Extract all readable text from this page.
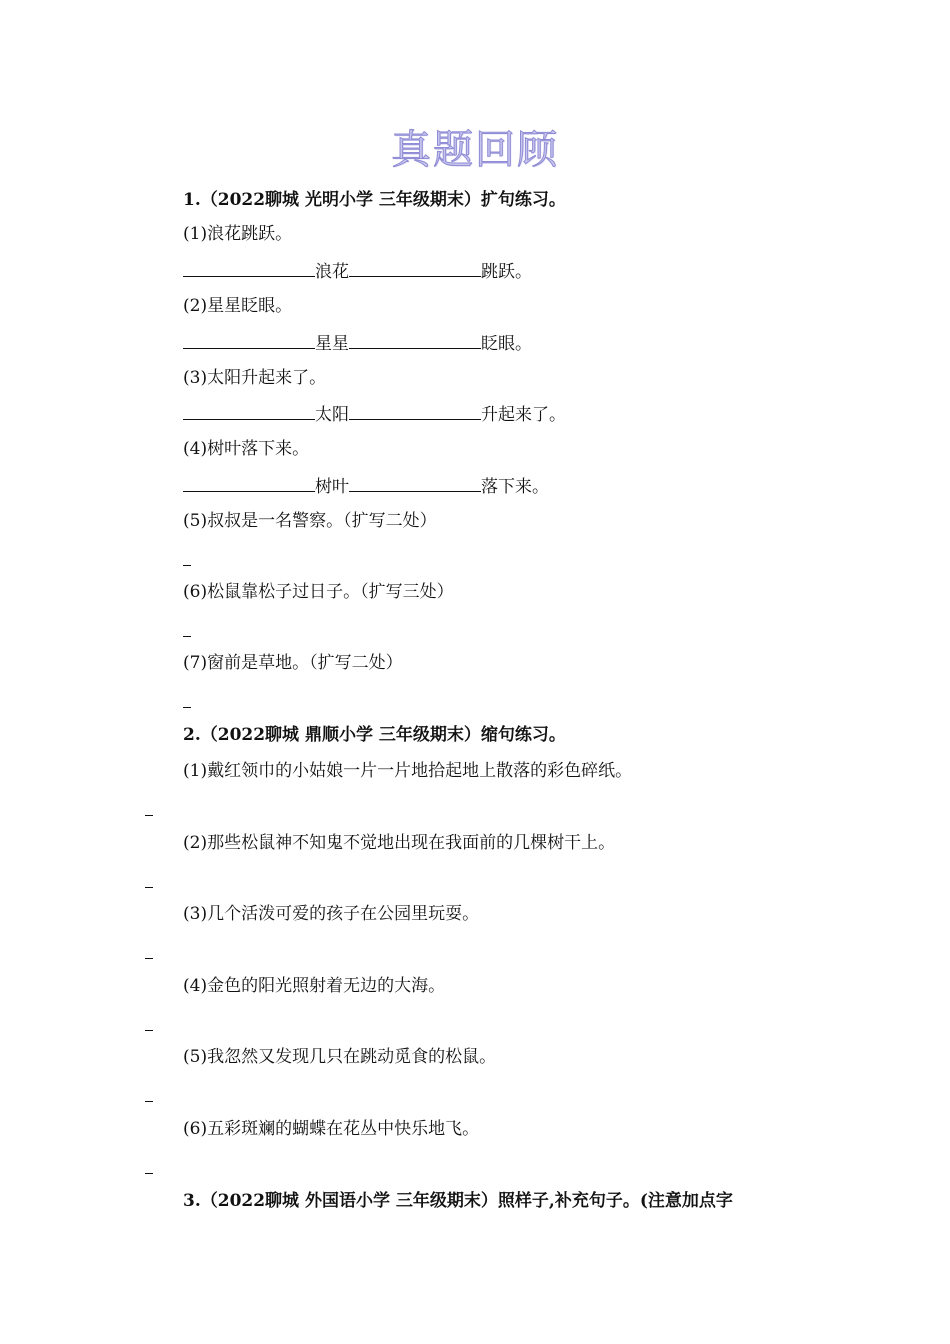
真题回顾
1.（2022聊城 光明小学 三年级期末）扩句练习。
(1)浪花跳跃。
浪花	跳跃。
(2)星星眨眼。
星星	眨眼。
(3)太阳升起来了。
太阳	升起来了。
(4)树叶落下来。
树叶	落下来。
(5)叔叔是一名警察。（扩写二处）
(6)松鼠靠松子过日子。（扩写三处）
(7)窗前是草地。（扩写二处）
2.（2022聊城 鼎顺小学 三年级期末）缩句练习。
(1)戴红领巾的小姑娘一片一片地拾起地上散落的彩色碎纸。
(2)那些松鼠神不知鬼不觉地出现在我面前的几棵树干上。
(3)几个活泼可爱的孩子在公园里玩耍。
(4)金色的阳光照射着无边的大海。
(5)我忽然又发现几只在跳动觅食的松鼠。
(6)五彩斑斓的蝴蝶在花丛中快乐地飞。
3.（2022聊城 外国语小学 三年级期末）照样子,补充句子。(注意加点字
